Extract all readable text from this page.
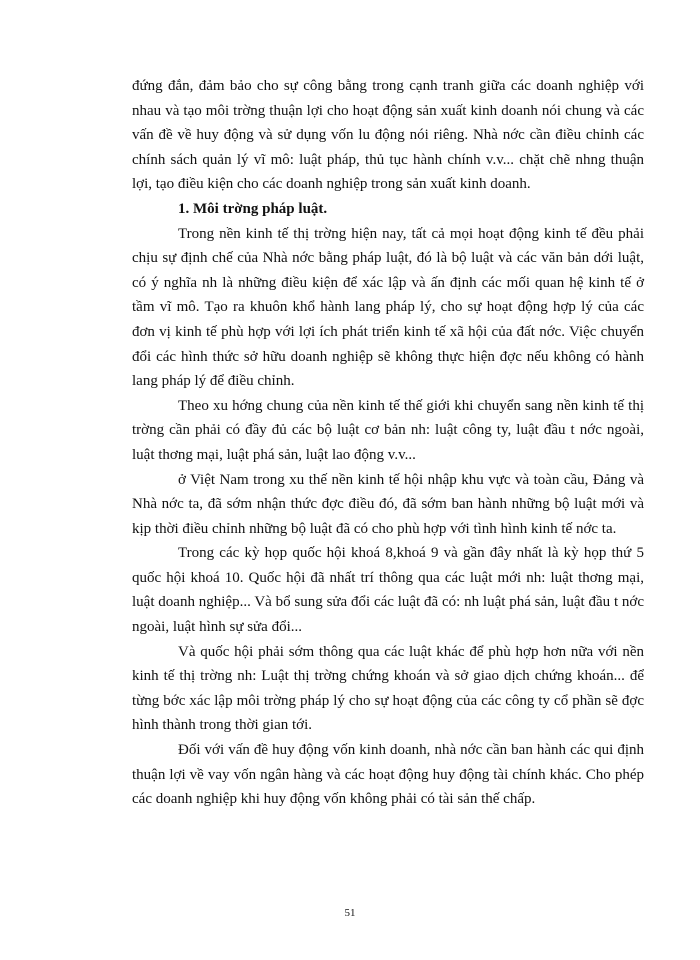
đứng đắn, đảm bảo cho sự công bằng trong cạnh tranh giữa các doanh nghiệp với nhau và tạo môi trờng thuận lợi cho hoạt động sản xuất kinh doanh nói chung và các vấn đề về huy động và sử dụng vốn lu động nói riêng. Nhà nớc cần điều chỉnh các chính sách quản lý vĩ mô: luật pháp, thủ tục hành chính v.v... chặt chẽ nhng thuận lợi, tạo điều kiện cho các doanh nghiệp trong sản xuất kinh doanh.

1. Môi trờng pháp luật.

Trong nền kinh tế thị trờng hiện nay, tất cả mọi hoạt động kinh tế đều phải chịu sự định chế của Nhà nớc bằng pháp luật, đó là bộ luật và các văn bản dới luật, có ý nghĩa nh là những điều kiện để xác lập và ấn định các mối quan hệ kinh tế ở tầm vĩ mô. Tạo ra khuôn khổ hành lang pháp lý, cho sự hoạt động hợp lý của các đơn vị kinh tế phù hợp với lợi ích phát triển kinh tế xã hội của đất nớc. Việc chuyển đổi các hình thức sở hữu doanh nghiệp sẽ không thực hiện đợc nếu không có hành lang pháp lý để điều chỉnh.

Theo xu hớng chung của nền kinh tế thế giới khi chuyển sang nền kinh tế thị trờng cần phải có đầy đủ các bộ luật cơ bản nh: luật công ty, luật đầu t nớc ngoài, luật thơng mại, luật phá sản, luật lao động v.v...

ở Việt Nam trong xu thế nền kinh tế hội nhập khu vực và toàn cầu, Đảng và Nhà nớc ta, đã sớm nhận thức đợc điều đó, đã sớm ban hành những bộ luật mới và kịp thời điều chỉnh những bộ luật đã có cho phù hợp với tình hình kinh tế nớc ta.

Trong các kỳ họp quốc hội khoá 8,khoá 9 và gần đây nhất là kỳ họp thứ 5 quốc hội khoá 10. Quốc hội đã nhất trí thông qua các luật mới nh: luật thơng mại, luật doanh nghiệp... Và bổ sung sửa đổi các luật đã có: nh luật phá sản, luật đầu t nớc ngoài, luật hình sự sửa đổi...

Và quốc hội phải sớm thông qua các luật khác để phù hợp hơn nữa với nền kinh tế thị trờng nh: Luật thị trờng chứng khoán và sở giao dịch chứng khoán... để từng bớc xác lập môi trờng pháp lý cho sự hoạt động của các công ty cổ phần sẽ đợc hình thành trong thời gian tới.

Đối với vấn đề huy động vốn kinh doanh, nhà nớc cần ban hành các qui định thuận lợi về vay vốn ngân hàng và các hoạt động huy động tài chính khác. Cho phép các doanh nghiệp khi huy động vốn không phải có tài sản thế chấp.

51
